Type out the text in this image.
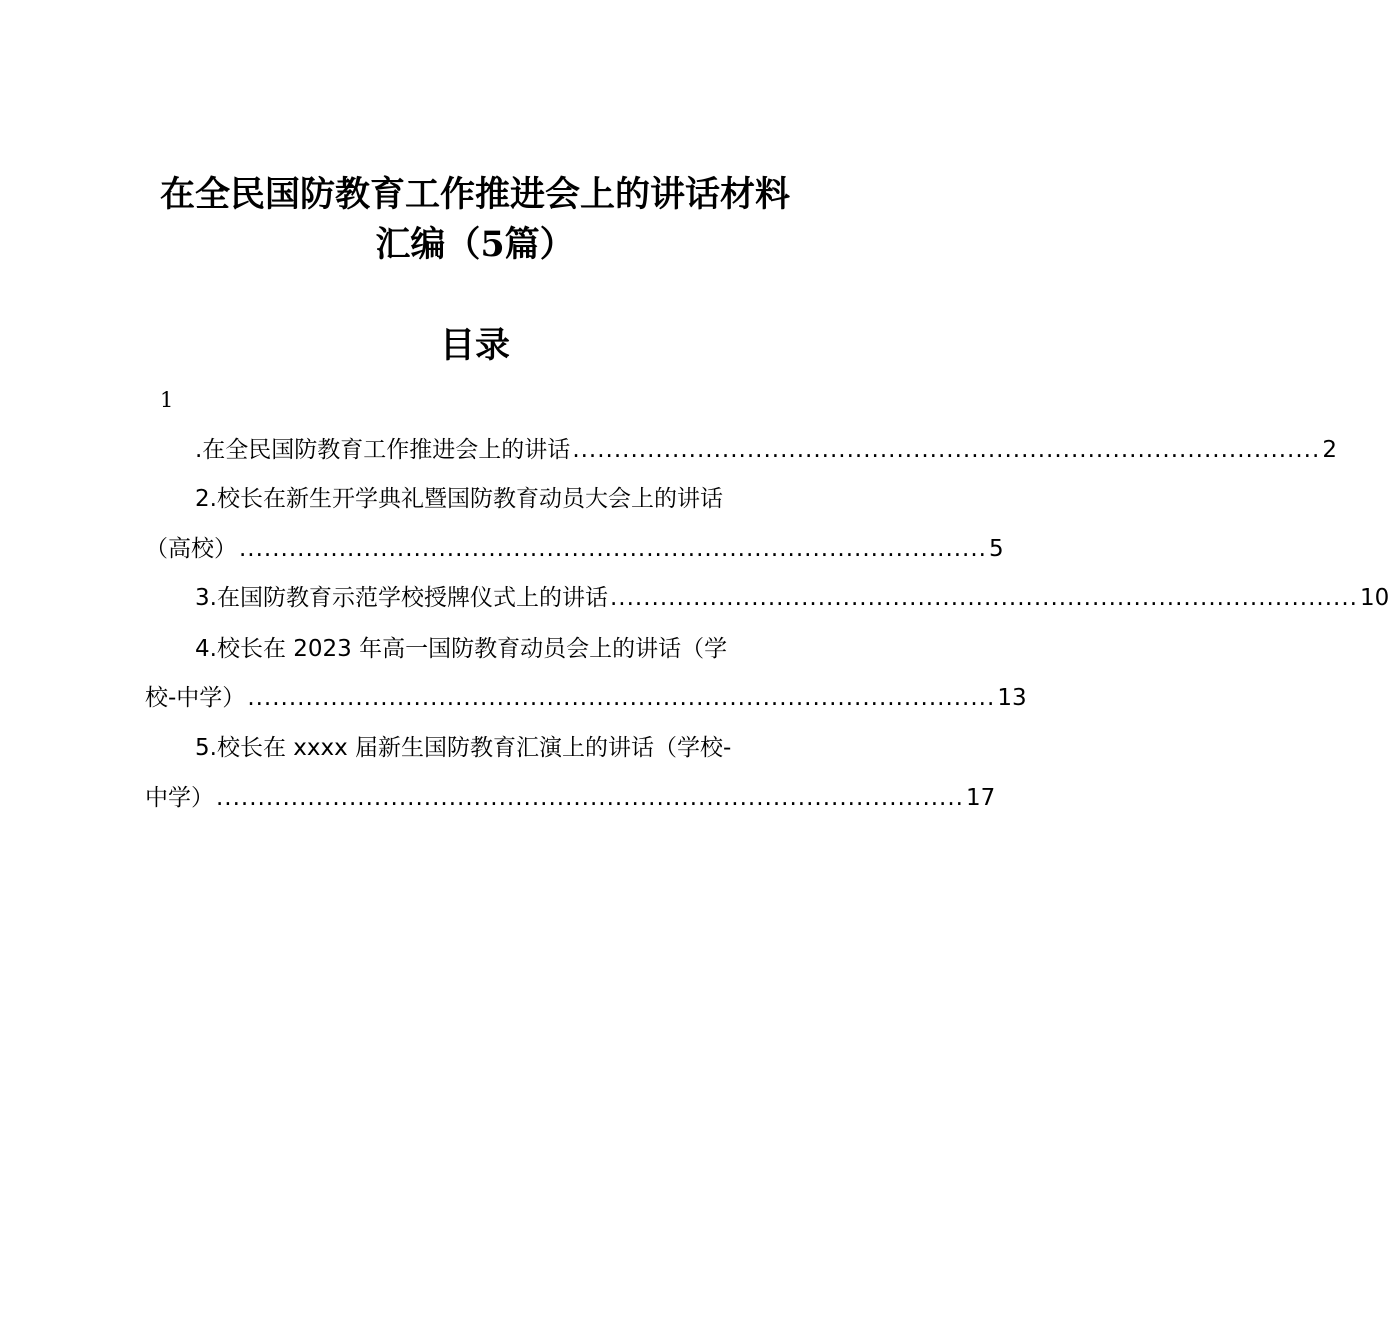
在全民国防教育工作推进会上的讲话材料
汇编（5篇）
目录
1
.在全民国防教育工作推进会上的讲话 .......................................................................................... 2
2.校长在新生开学典礼暨国防教育动员大会上的讲话
（高校） .......................................................................................... 5
3.在国防教育示范学校授牌仪式上的讲话 .......................................................................................... 10
4.校长在 2023 年高一国防教育动员会上的讲话（学
校-中学） .......................................................................................... 13
5.校长在 xxxx 届新生国防教育汇演上的讲话（学校-
中学） .......................................................................................... 17
